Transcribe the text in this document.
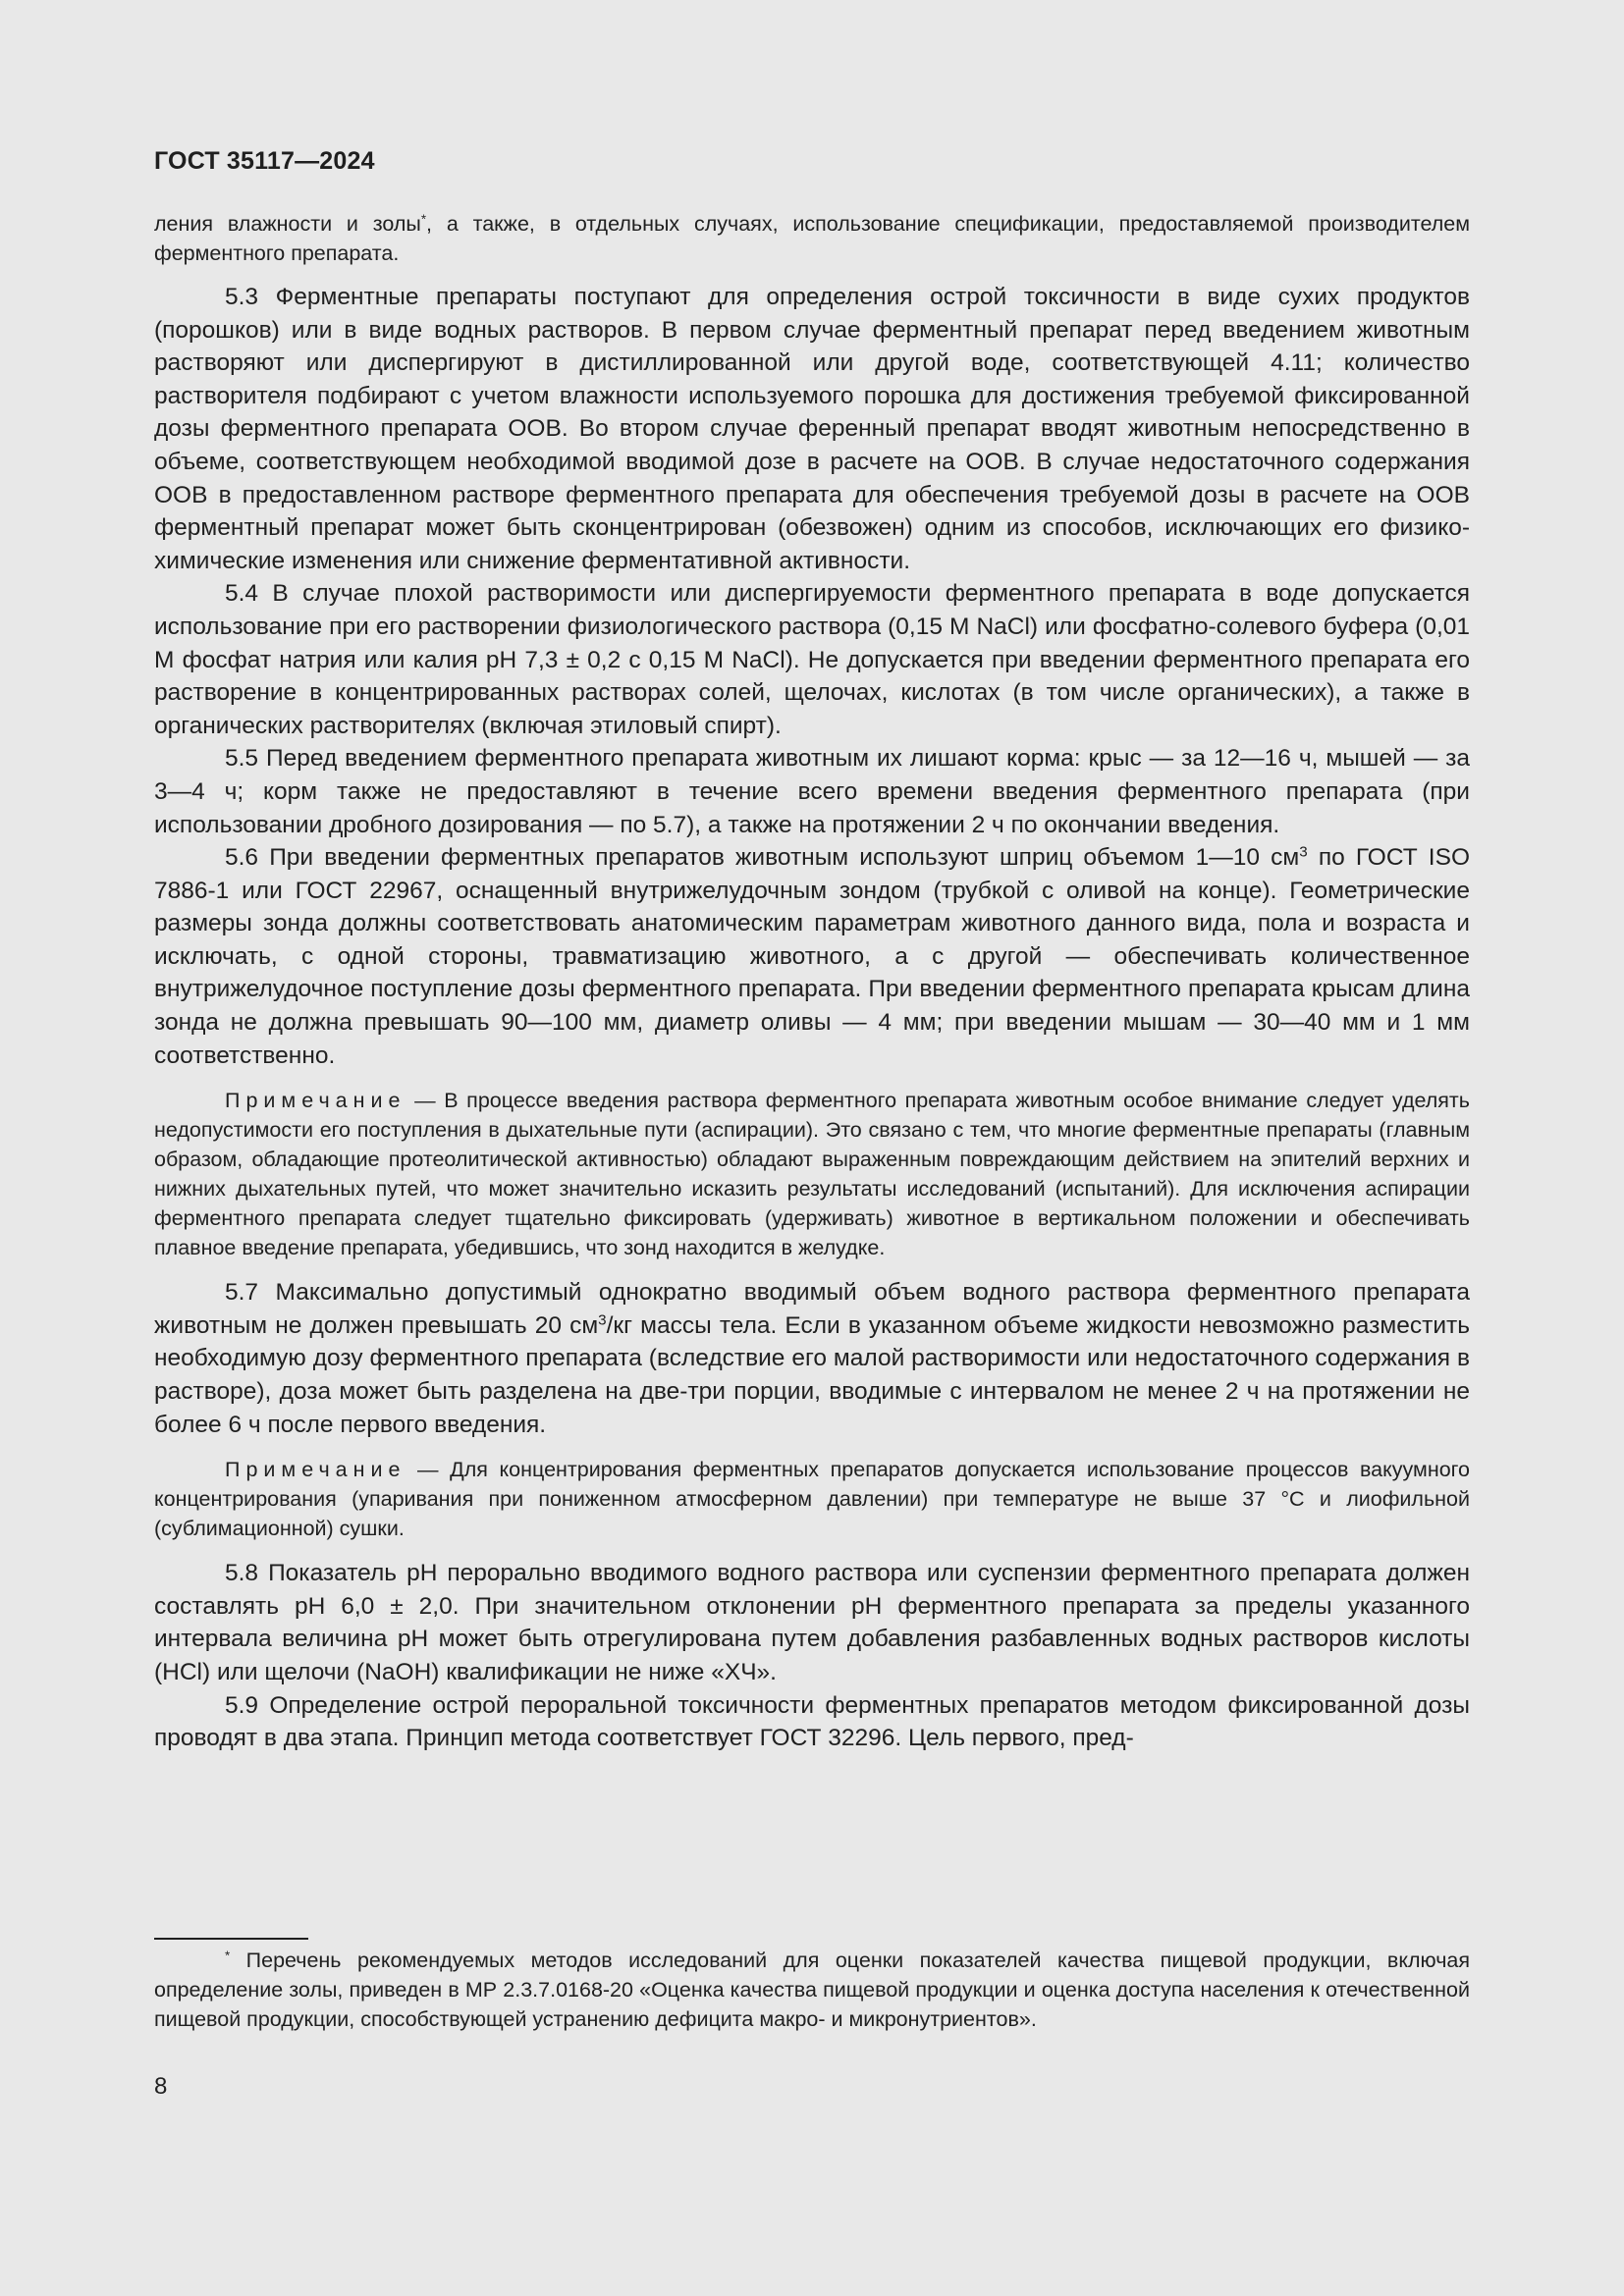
ГОСТ 35117—2024

ления влажности и золы*, а также, в отдельных случаях, использование спецификации, предоставляемой производителем ферментного препарата.

5.3 Ферментные препараты поступают для определения острой токсичности в виде сухих продуктов (порошков) или в виде водных растворов. В первом случае ферментный препарат перед введением животным растворяют или диспергируют в дистиллированной или другой воде, соответствующей 4.11; количество растворителя подбирают с учетом влажности используемого порошка для достижения требуемой фиксированной дозы ферментного препарата ООВ. Во втором случае ференный препарат вводят животным непосредственно в объеме, соответствующем необходимой вводимой дозе в расчете на ООВ. В случае недостаточного содержания ООВ в предоставленном растворе ферментного препарата для обеспечения требуемой дозы в расчете на ООВ ферментный препарат может быть сконцентрирован (обезвожен) одним из способов, исключающих его физико-химические изменения или снижение ферментативной активности.

5.4 В случае плохой растворимости или диспергируемости ферментного препарата в воде допускается использование при его растворении физиологического раствора (0,15 M NaCl) или фосфатно-солевого буфера (0,01 M фосфат натрия или калия pH 7,3 ± 0,2 с 0,15 M NaCl). Не допускается при введении ферментного препарата его растворение в концентрированных растворах солей, щелочах, кислотах (в том числе органических), а также в органических растворителях (включая этиловый спирт).

5.5 Перед введением ферментного препарата животным их лишают корма: крыс — за 12—16 ч, мышей — за 3—4 ч; корм также не предоставляют в течение всего времени введения ферментного препарата (при использовании дробного дозирования — по 5.7), а также на протяжении 2 ч по окончании введения.

5.6 При введении ферментных препаратов животным используют шприц объемом 1—10 $см^3$ по ГОСТ ISO 7886-1 или ГОСТ 22967, оснащенный внутрижелудочным зондом (трубкой с оливой на конце). Геометрические размеры зонда должны соответствовать анатомическим параметрам животного данного вида, пола и возраста и исключать, с одной стороны, травматизацию животного, а с другой — обеспечивать количественное внутрижелудочное поступление дозы ферментного препарата. При введении ферментного препарата крысам длина зонда не должна превышать 90—100 мм, диаметр оливы — 4 мм; при введении мышам — 30—40 мм и 1 мм соответственно.

Примечание — В процессе введения раствора ферментного препарата животным особое внимание следует уделять недопустимости его поступления в дыхательные пути (аспирации). Это связано с тем, что многие ферментные препараты (главным образом, обладающие протеолитической активностью) обладают выраженным повреждающим действием на эпителий верхних и нижних дыхательных путей, что может значительно исказить результаты исследований (испытаний). Для исключения аспирации ферментного препарата следует тщательно фиксировать (удерживать) животное в вертикальном положении и обеспечивать плавное введение препарата, убедившись, что зонд находится в желудке.

5.7 Максимально допустимый однократно вводимый объем водного раствора ферментного препарата животным не должен превышать 20 $см^3/кг$ массы тела. Если в указанном объеме жидкости невозможно разместить необходимую дозу ферментного препарата (вследствие его малой растворимости или недостаточного содержания в растворе), доза может быть разделена на две-три порции, вводимые с интервалом не менее 2 ч на протяжении не более 6 ч после первого введения.

Примечание — Для концентрирования ферментных препаратов допускается использование процессов вакуумного концентрирования (упаривания при пониженном атмосферном давлении) при температуре не выше 37 °С и лиофильной (сублимационной) сушки.

5.8 Показатель pH перорально вводимого водного раствора или суспензии ферментного препарата должен составлять pH 6,0 ± 2,0. При значительном отклонении pH ферментного препарата за пределы указанного интервала величина pH может быть отрегулирована путем добавления разбавленных водных растворов кислоты (HCl) или щелочи (NaOH) квалификации не ниже «ХЧ».

5.9 Определение острой пероральной токсичности ферментных препаратов методом фиксированной дозы проводят в два этапа. Принцип метода соответствует ГОСТ 32296. Цель первого, пред-

* Перечень рекомендуемых методов исследований для оценки показателей качества пищевой продукции, включая определение золы, приведен в МР 2.3.7.0168-20 «Оценка качества пищевой продукции и оценка доступа населения к отечественной пищевой продукции, способствующей устранению дефицита макро- и микронутриентов».

8
